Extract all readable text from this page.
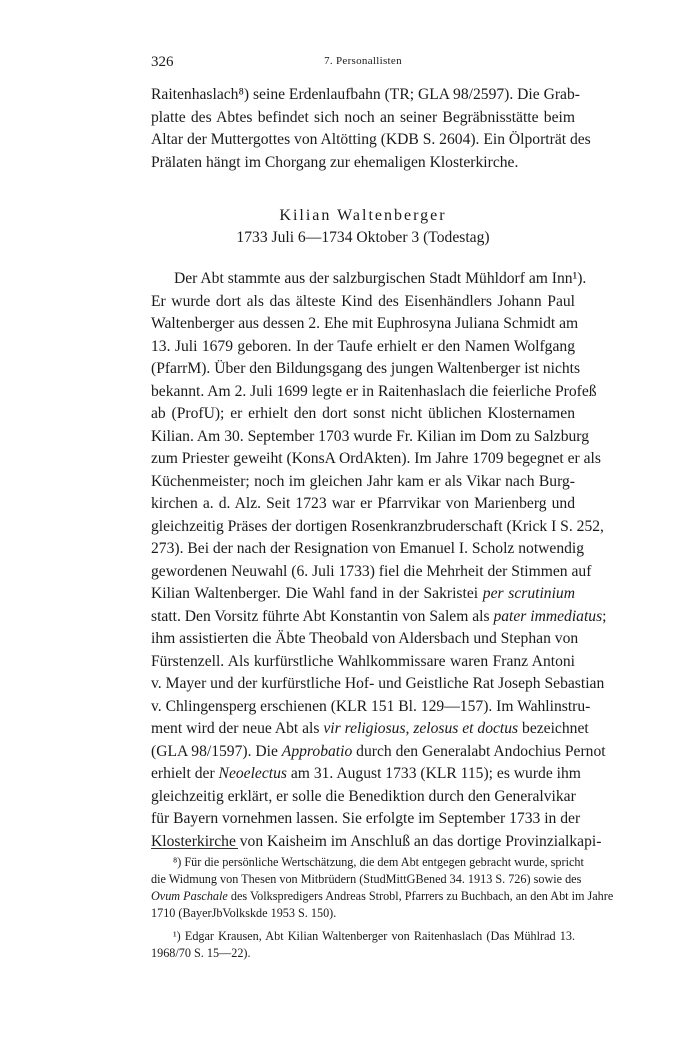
326	7. Personallisten
Raitenhaslach⁸) seine Erdenlaufbahn (TR; GLA 98/2597). Die Grab-
platte des Abtes befindet sich noch an seiner Begräbnisstätte beim
Altar der Muttergottes von Altötting (KDB S. 2604). Ein Ölporträt des
Prälaten hängt im Chorgang zur ehemaligen Klosterkirche.
Kilian Waltenberger
1733 Juli 6—1734 Oktober 3 (Todestag)
Der Abt stammte aus der salzburgischen Stadt Mühldorf am Inn¹).
Er wurde dort als das älteste Kind des Eisenhändlers Johann Paul
Waltenberger aus dessen 2. Ehe mit Euphrosyna Juliana Schmidt am
13. Juli 1679 geboren. In der Taufe erhielt er den Namen Wolfgang
(PfarrM). Über den Bildungsgang des jungen Waltenberger ist nichts
bekannt. Am 2. Juli 1699 legte er in Raitenhaslach die feierliche Profeß
ab (ProfU); er erhielt den dort sonst nicht üblichen Klosternamen
Kilian. Am 30. September 1703 wurde Fr. Kilian im Dom zu Salzburg
zum Priester geweiht (KonsA OrdAkten). Im Jahre 1709 begegnet er als
Küchenmeister; noch im gleichen Jahr kam er als Vikar nach Burg-
kirchen a. d. Alz. Seit 1723 war er Pfarrvikar von Marienberg und
gleichzeitig Präses der dortigen Rosenkranzbruderschaft (Krick I S. 252,
273). Bei der nach der Resignation von Emanuel I. Scholz notwendig
gewordenen Neuwahl (6. Juli 1733) fiel die Mehrheit der Stimmen auf
Kilian Waltenberger. Die Wahl fand in der Sakristei per scrutinium
statt. Den Vorsitz führte Abt Konstantin von Salem als pater immediatus;
ihm assistierten die Äbte Theobald von Aldersbach und Stephan von
Fürstenzell. Als kurfürstliche Wahlkommissare waren Franz Antoni
v. Mayer und der kurfürstliche Hof- und Geistliche Rat Joseph Sebastian
v. Chlingensperg erschienen (KLR 151 Bl. 129—157). Im Wahlinstru-
ment wird der neue Abt als vir religiosus, zelosus et doctus bezeichnet
(GLA 98/1597). Die Approbatio durch den Generalabt Andochius Pernot
erhielt der Neoelectus am 31. August 1733 (KLR 115); es wurde ihm
gleichzeitig erklärt, er solle die Benediktion durch den Generalvikar
für Bayern vornehmen lassen. Sie erfolgte im September 1733 in der
Klosterkirche von Kaisheim im Anschluß an das dortige Provinzialkapi-
⁸) Für die persönliche Wertschätzung, die dem Abt entgegen gebracht wurde, spricht
die Widmung von Thesen von Mitbrüdern (StudMittGBened 34. 1913 S. 726) sowie des
Ovum Paschale des Volkspredigers Andreas Strobl, Pfarrers zu Buchbach, an den Abt im Jahre
1710 (BayerJbVolkskde 1953 S. 150).
¹) Edgar Krausen, Abt Kilian Waltenberger von Raitenhaslach (Das Mühlrad 13.
1968/70 S. 15—22).
